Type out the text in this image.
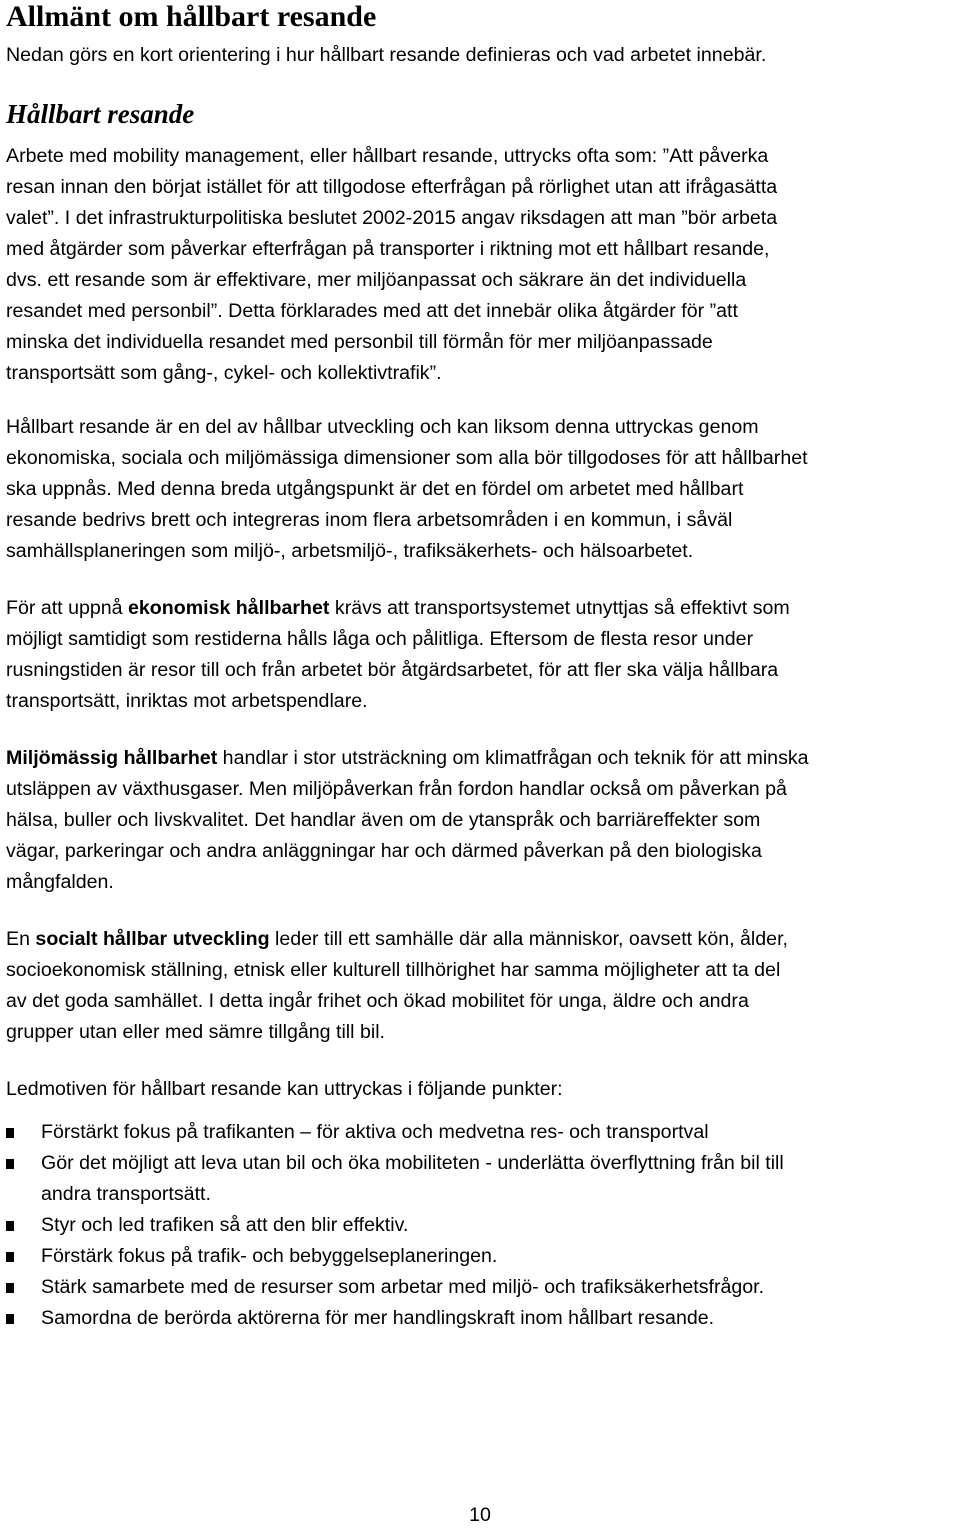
Allmänt om hållbart resande

Nedan görs en kort orientering i hur hållbart resande definieras och vad arbetet innebär.

Hållbart resande

Arbete med mobility management, eller hållbart resande, uttrycks ofta som: ”Att påverka
resan innan den börjat istället för att tillgodose efterfrågan på rörlighet utan att ifrågasätta
valet”. I det infrastrukturpolitiska beslutet 2002-2015 angav riksdagen att man ”bör arbeta
med åtgärder som påverkar efterfrågan på transporter i riktning mot ett hållbart resande,
dvs. ett resande som är effektivare, mer miljöanpassat och säkrare än det individuella
resandet med personbil”. Detta förklarades med att det innebär olika åtgärder för ”att
minska det individuella resandet med personbil till förmån för mer miljöanpassade
transportsätt som gång-, cykel- och kollektivtrafik”.

Hållbart resande är en del av hållbar utveckling och kan liksom denna uttryckas genom
ekonomiska, sociala och miljömässiga dimensioner som alla bör tillgodoses för att hållbarhet
ska uppnås. Med denna breda utgångspunkt är det en fördel om arbetet med hållbart
resande bedrivs brett och integreras inom flera arbetsområden i en kommun, i såväl
samhällsplaneringen som miljö-, arbetsmiljö-, trafiksäkerhets- och hälsoarbetet.

För att uppnå ekonomisk hållbarhet krävs att transportsystemet utnyttjas så effektivt som
möjligt samtidigt som restiderna hålls låga och pålitliga. Eftersom de flesta resor under
rusningstiden är resor till och från arbetet bör åtgärdsarbetet, för att fler ska välja hållbara
transportsätt, inriktas mot arbetspendlare.

Miljömässig hållbarhet handlar i stor utsträckning om klimatfrågan och teknik för att minska
utsläppen av växthusgaser. Men miljöpåverkan från fordon handlar också om påverkan på
hälsa, buller och livskvalitet. Det handlar även om de ytanspråk och barriäreffekter som
vägar, parkeringar och andra anläggningar har och därmed påverkan på den biologiska
mångfalden.

En socialt hållbar utveckling leder till ett samhälle där alla människor, oavsett kön, ålder,
socioekonomisk ställning, etnisk eller kulturell tillhörighet har samma möjligheter att ta del
av det goda samhället. I detta ingår frihet och ökad mobilitet för unga, äldre och andra
grupper utan eller med sämre tillgång till bil.

Ledmotiven för hållbart resande kan uttryckas i följande punkter:

Förstärkt fokus på trafikanten – för aktiva och medvetna res- och transportval
Gör det möjligt att leva utan bil och öka mobiliteten - underlätta överflyttning från bil till
andra transportsätt.
Styr och led trafiken så att den blir effektiv.
Förstärk fokus på trafik- och bebyggelseplaneringen.
Stärk samarbete med de resurser som arbetar med miljö- och trafiksäkerhetsfrågor.
Samordna de berörda aktörerna för mer handlingskraft inom hållbart resande.
10
